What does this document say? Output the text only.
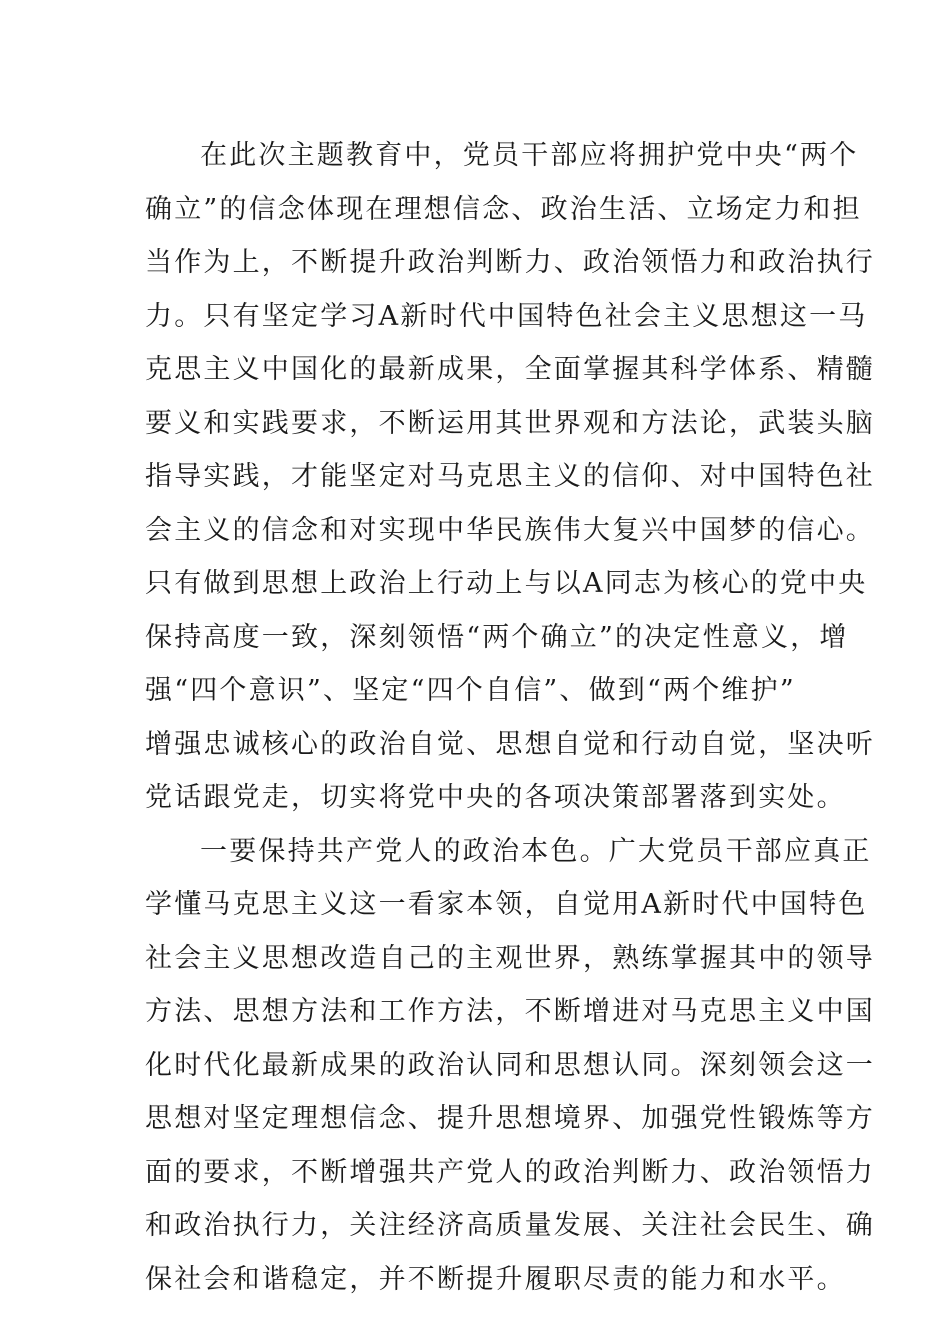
在此次主题教育中，党员干部应将拥护党中央“两个
确立”的信念体现在理想信念、政治生活、立场定力和担
当作为上，不断提升政治判断力、政治领悟力和政治执行
力。只有坚定学习A新时代中国特色社会主义思想这一马
克思主义中国化的最新成果，全面掌握其科学体系、精髓
要义和实践要求，不断运用其世界观和方法论，武装头脑
指导实践，才能坚定对马克思主义的信仰、对中国特色社
会主义的信念和对实现中华民族伟大复兴中国梦的信心。
只有做到思想上政治上行动上与以A同志为核心的党中央
保持高度一致，深刻领悟“两个确立”的决定性意义，增
强“四个意识”、坚定“四个自信”、做到“两个维护”
增强忠诚核心的政治自觉、思想自觉和行动自觉，坚决听
党话跟党走，切实将党中央的各项决策部署落到实处。
一要保持共产党人的政治本色。广大党员干部应真正
学懂马克思主义这一看家本领，自觉用A新时代中国特色
社会主义思想改造自己的主观世界，熟练掌握其中的领导
方法、思想方法和工作方法，不断增进对马克思主义中国
化时代化最新成果的政治认同和思想认同。深刻领会这一
思想对坚定理想信念、提升思想境界、加强党性锻炼等方
面的要求，不断增强共产党人的政治判断力、政治领悟力
和政治执行力，关注经济高质量发展、关注社会民生、确
保社会和谐稳定，并不断提升履职尽责的能力和水平。
